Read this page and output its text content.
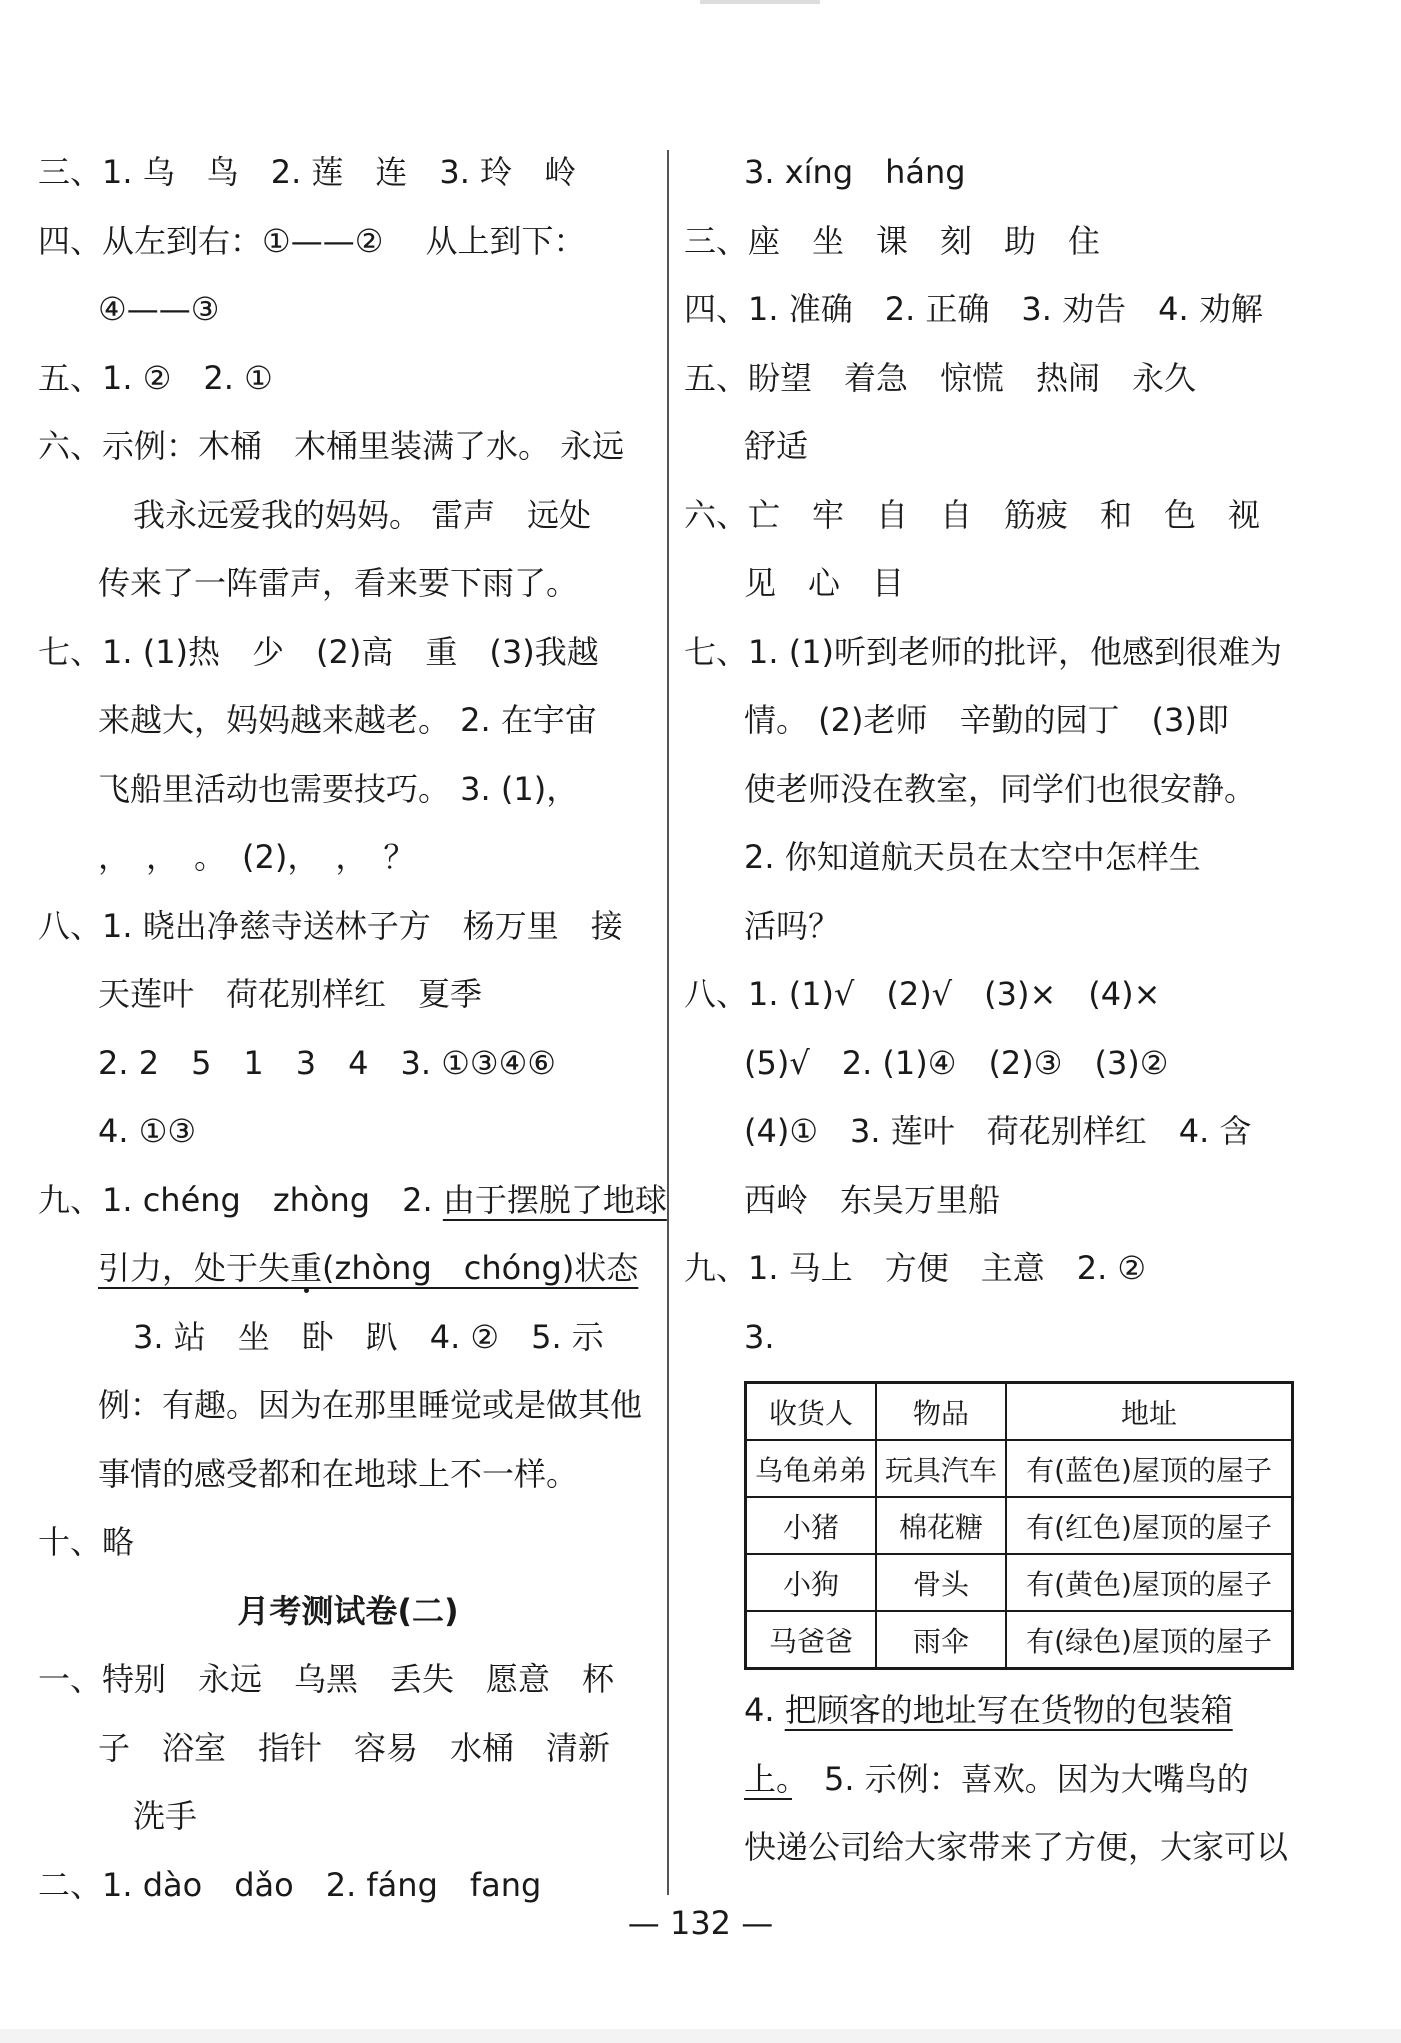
三、1. 乌　鸟　2. 莲　连　3. 玲　岭
四、从左到右：①——②　 从上到下：
④——③
五、1. ②　2. ①
六、示例：木桶　木桶里装满了水。 永远
我永远爱我的妈妈。 雷声　远处
传来了一阵雷声，看来要下雨了。
七、1. (1)热　少　(2)高　重　(3)我越
来越大，妈妈越来越老。 2. 在宇宙
飞船里活动也需要技巧。 3. (1)，
，　，　。　(2)，　，　？
八、1. 晓出净慈寺送林子方　杨万里　接
天莲叶　荷花别样红　夏季
2. 2　5　1　3　4　3. ①③④⑥
4. ①③
九、1. chéng　zhòng　2. 由于摆脱了地球
引力，处于失重(zhòng　chóng)状态
3. 站　坐　卧　趴　4. ②　5. 示
例：有趣。因为在那里睡觉或是做其他
事情的感受都和在地球上不一样。
十、略
月考测试卷(二)
一、特别　永远　乌黑　丢失　愿意　杯
子　浴室　指针　容易　水桶　清新
洗手
二、1. dào　dǎo　2. fáng　fang
3. xíng　háng
三、座　坐　课　刻　助　住
四、1. 准确　2. 正确　3. 劝告　4. 劝解
五、盼望　着急　惊慌　热闹　永久
舒适
六、亡　牢　自　自　筋疲　和　色　视
见　心　目
七、1. (1)听到老师的批评，他感到很难为
情。 (2)老师　辛勤的园丁　(3)即
使老师没在教室，同学们也很安静。
2. 你知道航天员在太空中怎样生
活吗？
八、1. (1)√　(2)√　(3)×　(4)×
(5)√　2. (1)④　(2)③　(3)②
(4)①　3. 莲叶　荷花别样红　4. 含
西岭　东吴万里船
九、1. 马上　方便　主意　2. ②
3.
收货人	物品	地址
乌龟弟弟	玩具汽车	有(蓝色)屋顶的屋子
小猪	棉花糖	有(红色)屋顶的屋子
小狗	骨头	有(黄色)屋顶的屋子
马爸爸	雨伞	有(绿色)屋顶的屋子
4. 把顾客的地址写在货物的包装箱
上。　5. 示例：喜欢。因为大嘴鸟的
快递公司给大家带来了方便，大家可以
— 132 —
